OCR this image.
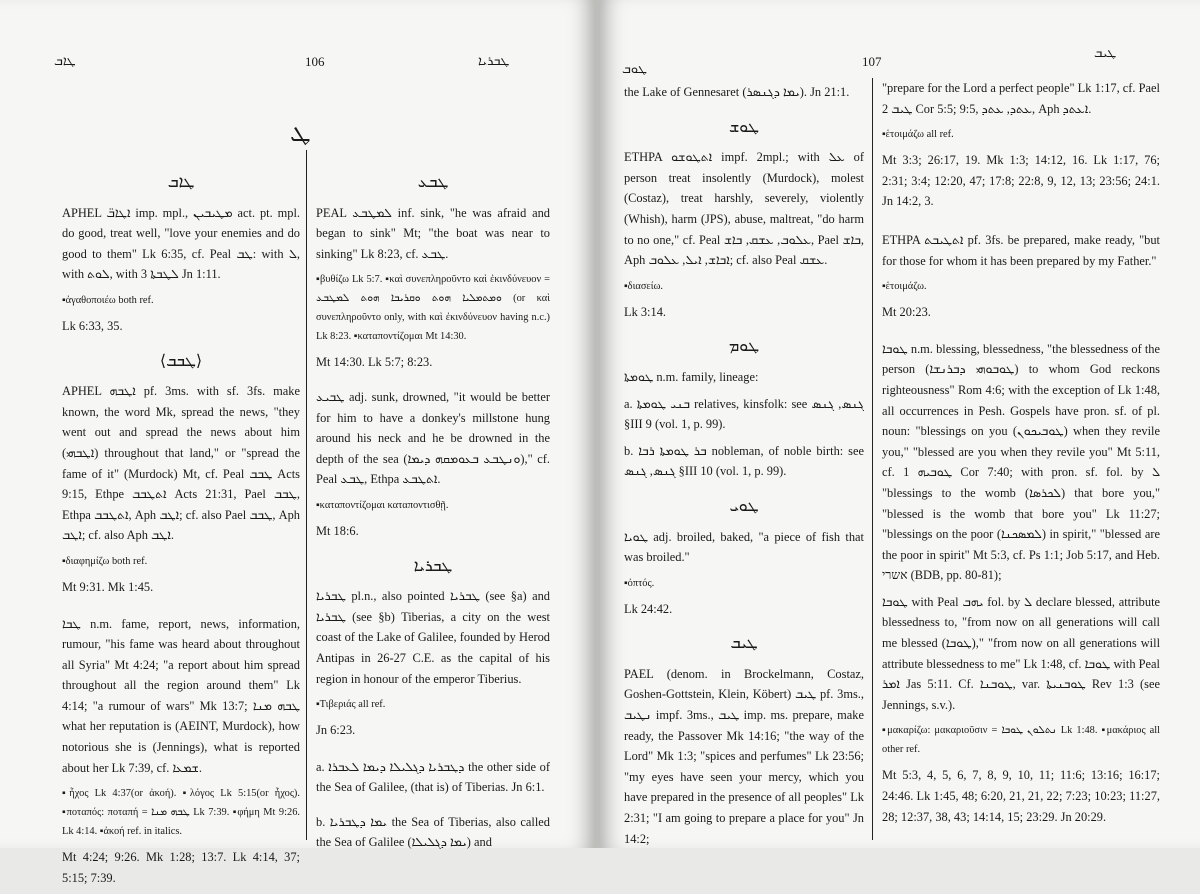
ܛܐܒ	106	ܛܒܪܝܐ
ܛ
ܛܐܒ

APHEL ܐܛܐܒ̈ imp. mpl., ܡܛܝܒܝܢ act. pt. mpl. do good, treat well, "love your enemies and do good to them" Lk 6:35, cf. Peal ܛܒ: with ܠ, with ܠܘܬ, with ܠܛܒܬܐ 3 Jn 1:11.

▪ἀγαθοποιέω both ref.

Lk 6:33, 35.

⟨ܛܒܒ⟩

APHEL ܐܛܒܗ pf. 3ms. with sf. 3fs. make known, the word Mk, spread the news, "they went out and spread the news about him (ܐܛܒܗܝ) throughout that land," or "spread the fame of it" (Murdock) Mt, cf. Peal ܛܒܒ Acts 9:15, Ethpe ܐܬܛܒܒ Acts 21:31, Pael ܛܒܒ, Ethpa ܐܬܛܒܒ, Aph ܐܛܒ; cf. also Pael ܛܒܒ, Aph ܐܛܒ; cf. also Aph ܐܛܒ.

▪διαφημίζω both ref.

Mt 9:31. Mk 1:45.

ܛܒܐ n.m. fame, report, news, information, rumour, "his fame was heard about throughout all Syria" Mt 4:24; "a report about him spread throughout all the region around them" Lk 4:14; "a rumour of wars" Mk 13:7; ܛܒܗ ܡܢܐ what her reputation is (AEINT, Murdock), how notorious she is (Jennings), what is reported about her Lk 7:39, cf. ܫܡܥܐ.

▪ἦχος Lk 4:37(or ἀκοή). ▪λόγος Lk 5:15(or ἦχος). ▪ποταπός: ποταπή = ܛܒܗ ܡܢܐ Lk 7:39. ▪φήμη Mt 9:26. Lk 4:14. ▪ἀκοή ref. in italics.

Mt 4:24; 9:26. Mk 1:28; 13:7. Lk 4:14, 37; 5:15; 7:39.

ܛܒܥ

PEAL ܠܡܛܒܥ inf. sink, "he was afraid and began to sink" Mt; "the boat was near to sinking" Lk 8:23, cf. ܛܒܥ.

▪βυθίζω Lk 5:7. ▪καὶ συνεπληροῦντο καὶ ἐκινδύνευον = ܘܡܬܡܠܝܐ ܗܘܬ ܘܩܪܝܒܐ ܗܘܬ ܠܡܛܒܥ (or καὶ συνεπληροῦντο only, with καὶ ἐκινδύνευον having n.c.) Lk 8:23. ▪καταποντίζομαι Mt 14:30.

Mt 14:30. Lk 5:7; 8:23.

ܛܒܝܥ adj. sunk, drowned, "it would be better for him to have a donkey's millstone hung around his neck and he be drowned in the depth of the sea (ܘܢܛܒܥ ܒܥܘܡܩܗ ܕܝܡܐ)," cf. Peal ܛܒܥ, Ethpa ܐܬܛܒܥ.

▪καταποντίζομαι καταποντισθῇ.

Mt 18:6.

ܛܒܪܝܐ

ܛܒܪܝܐ pl.n., also pointed ܛܒܪܝܐ (see §a) and ܛܒܪܝܐ (see §b) Tiberias, a city on the west coast of the Lake of Galilee, founded by Herod Antipas in 26-27 C.E. as the capital of his region in honour of the emperor Tiberius.

▪Τιβεριάς all ref.

Jn 6:23.

a. ܕܛܒܪܝܐ ܕܓܠܝܠܐ ܕܝܡܐ ܠܥܒܪܐ the other side of the Sea of Galilee, (that is) of Tiberias. Jn 6:1.

b. ܝܡܐ ܕܛܒܪܝܐ the Sea of Tiberias, also called the Sea of Galilee (ܝܡܐ ܕܓܠܝܠܐ) and

ܛܘܒ
107
ܛܝܒ

the Lake of Gennesaret (ܝܡܐ ܕܓܢܣܪ). Jn 21:1.

ܛܘܫ

ETHPA ܐܬܛܘܫܘ impf. 2mpl.; with ܥܠ of person treat insolently (Murdock), molest (Costaz), treat harshly, severely, violently (Whish), harm (JPS), abuse, maltreat, "do harm to no one," cf. Peal ܥܠܘܒ, ܥܫܩ, ܒܐܫ, Pael ܒܐܫ, Aph ܐܒܐܫ, ܐܝܠ, ܥܠܘܒ; cf. also Peal ܥܫܩ.

▪διασείω.

Lk 3:14.

ܛܘܡ

ܛܘܡܬܐ n.m. family, lineage:

a. ܒܢܝ ܛܘܡܬܐ relatives, kinsfolk: see ܓܢܣ, ܓܢܣ §III 9 (vol. 1, p. 99).

b. ܒܪ ܛܘܡܬܐ ܪܒܐ nobleman, of noble birth: see ܓܢܣ, ܓܢܣ §III 10 (vol. 1, p. 99).

ܛܘܝ

ܛܘܝܐ adj. broiled, baked, "a piece of fish that was broiled."

▪ὀπτός.

Lk 24:42.

ܛܝܒ

PAEL (denom. in Brockelmann, Costaz, Goshen-Gottstein, Klein, Köbert) ܛܝܒ pf. 3ms., ܢܛܝܒ impf. 3ms., ܛܝܒ imp. ms. prepare, make ready, the Passover Mk 14:16; "the way of the Lord" Mk 1:3; "spices and perfumes" Lk 23:56; "my eyes have seen your mercy, which you have prepared in the presence of all peoples" Lk 2:31; "I am going to prepare a place for you" Jn 14:2;

"prepare for the Lord a perfect people" Lk 1:17, cf. Pael ܛܝܒ 2 Cor 5:5; 9:5, ܥܬܕ, ܥܬܕ, Aph ܐܥܬܕ.

▪ἑτοιμάζω all ref.

Mt 3:3; 26:17, 19. Mk 1:3; 14:12, 16. Lk 1:17, 76; 2:31; 3:4; 12:20, 47; 17:8; 22:8, 9, 12, 13; 23:56; 24:1. Jn 14:2, 3.

ETHPA ܐܬܛܝܒܬ pf. 3fs. be prepared, make ready, "but for those for whom it has been prepared by my Father."

▪ἑτοιμάζω.

Mt 20:23.

ܛܘܒܐ n.m. blessing, blessedness, "the blessedness of the person (ܛܘܒܘܗܝ ܕܒܪܢܫܐ) to whom God reckons righteousness" Rom 4:6; with the exception of Lk 1:48, all occurrences in Pesh. Gospels have pron. sf. of pl. noun: "blessings on you (ܛܘܒܝܟܘܢ) when they revile you," "blessed are you when they revile you" Mt 5:11, cf. ܛܘܒܝܗ 1 Cor 7:40; with pron. sf. fol. by ܠ "blessings to the womb (ܠܟܪܣܐ) that bore you," "blessed is the womb that bore you" Lk 11:27; "blessings on the poor (ܠܡܣܟܢܐ) in spirit," "blessed are the poor in spirit" Mt 5:3, cf. Ps 1:1; Job 5:17, and Heb. אשרי (BDB, pp. 80-81);

ܛܘܒܐ with Peal ܝܗܒ fol. by ܠ declare blessed, attribute blessedness to, "from now on all generations will call me blessed (ܛܘܒܐ)," "from now on all generations will attribute blessedness to me" Lk 1:48, cf. ܛܘܒܐ with Peal ܐܡܪ Jas 5:11. Cf. ܛܘܒܢܐ, var. ܛܘܒܢܝܬܐ Rev 1:3 (see Jennings, s.v.).

▪μακαρίζω: μακαριοῦσιν = ܢܬܠܘܢ ܛܘܒܐ Lk 1:48. ▪μακάριος all other ref.

Mt 5:3, 4, 5, 6, 7, 8, 9, 10, 11; 11:6; 13:16; 16:17; 24:46. Lk 1:45, 48; 6:20, 21, 21, 22; 7:23; 10:23; 11:27, 28; 12:37, 38, 43; 14:14, 15; 23:29. Jn 20:29.
